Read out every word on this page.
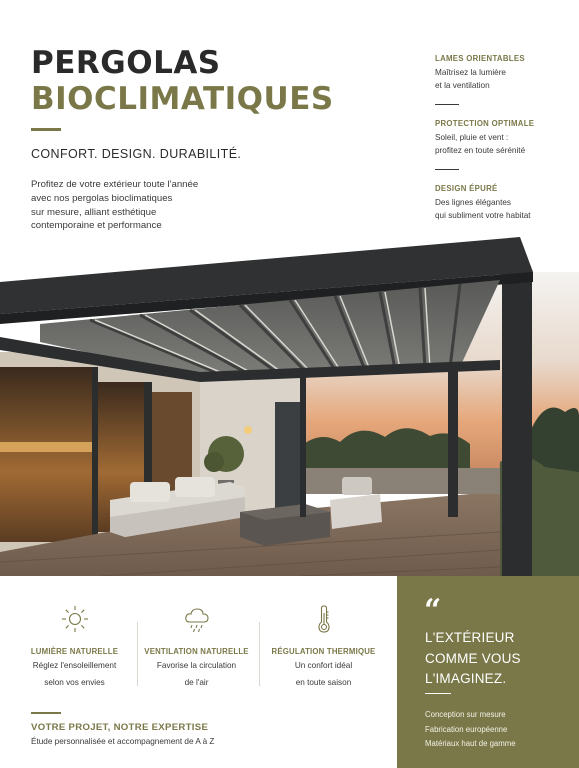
PERGOLAS
BIOCLIMATIQUES
CONFORT. DESIGN. DURABILITÉ.
Profitez de votre extérieur toute l'année
avec nos pergolas bioclimatiques
sur mesure, alliant esthétique
contemporaine et performance
LAMES ORIENTABLES
Maîtrisez la lumière
et la ventilation
PROTECTION OPTIMALE
Soleil, pluie et vent :
profitez en toute sérénité
DESIGN ÉPURÉ
Des lignes élégantes
qui subliment votre habitat
LUMIÈRE NATURELLE
Réglez l'ensoleillement
selon vos envies
VENTILATION NATURELLE
Favorise la circulation
de l'air
RÉGULATION THERMIQUE
Un confort idéal
en toute saison
VOTRE PROJET, NOTRE EXPERTISE
Étude personnalisée et accompagnement de A à Z
“
L'EXTÉRIEUR
COMME VOUS
L'IMAGINEZ.
Conception sur mesure
Fabrication européenne
Matériaux haut de gamme
